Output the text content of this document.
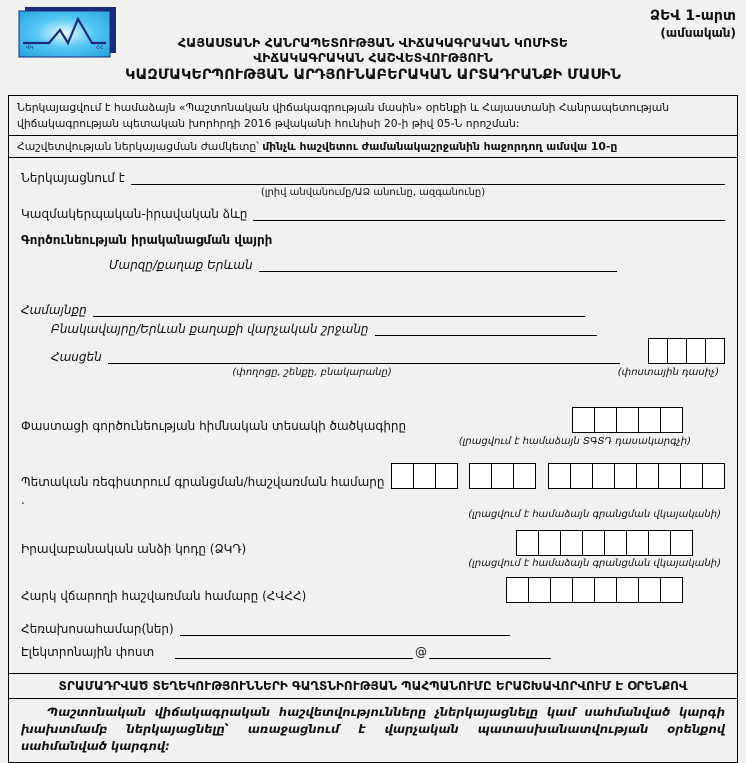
ՎԿ	ՀՀ
ՁԵՎ 1-արտ
(ամսական)
ՀԱՅԱՍՏԱՆԻ ՀԱՆՐԱՊԵՏՈՒԹՅԱՆ ՎԻՃԱԿԱԳՐԱԿԱՆ ԿՈՄԻՏԵ
ՎԻՃԱԿԱԳՐԱԿԱՆ ՀԱՇՎԵՏՎՈՒԹՅՈՒՆ
ԿԱԶՄԱԿԵՐՊՈՒԹՅԱՆ ԱՐԴՅՈՒՆԱԲԵՐԱԿԱՆ ԱՐՏԱԴՐԱՆՔԻ ՄԱՍԻՆ
Ներկայացվում է համաձայն «Պաշտոնական վիճակագրության մասին» օրենքի և Հայաստանի Հանրապետության վիճակագրության պետական խորհրդի 2016 թվականի հունիսի 20-ի թիվ 05-Ն որոշման:
Հաշվետվության ներկայացման ժամկետը՝ մինչև հաշվետու ժամանակաշրջանին հաջորդող ամսվա 10-ը
Ներկայացնում է
(լրիվ անվանումը/ԱՁ անունը, ազգանունը)
Կազմակերպական-իրավական ձևը
Գործունեության իրականացման վայրի
Մարզը/քաղաք Երևան
Համայնքը
Բնակավայրը/Երևան քաղաքի վարչական շրջանը
Հասցեն
(փողոցը, շենքը, բնակարանը)	(փոստային դասիչ)
Փաստացի գործունեության հիմնական տեսակի ծածկագիրը
(լրացվում է համաձայն ՏԳՏԴ դասակարգչի)
Պետական ռեգիստրում գրանցման/հաշվառման համարը
.
(լրացվում է համաձայն գրանցման վկայականի)
Իրավաբանական անձի կոդը (ՁԿԴ)
(լրացվում է համաձայն գրանցման վկայականի)
Հարկ վճարողի հաշվառման համարը (ՀՎՀՀ)
Հեռախոսահամար(ներ)
Էլեկտրոնային փոստ	@
ՏՐԱՄԱԴՐՎԱԾ ՏԵՂԵԿՈՒԹՅՈՒՆՆԵՐԻ ԳԱՂՏՆԻՈՒԹՅԱՆ ՊԱՀՊԱՆՈՒՄԸ ԵՐԱՇԽԱՎՈՐՎՈՒՄ Է ՕՐԵՆՔՈՎ
Պաշտոնական վիճակագրական հաշվետվությունները չներկայացնելը կամ սահմանված կարգի խախտմամբ ներկայացնելը՝ առաջացնում է վարչական պատասխանատվության օրենքով սահմանված կարգով:
